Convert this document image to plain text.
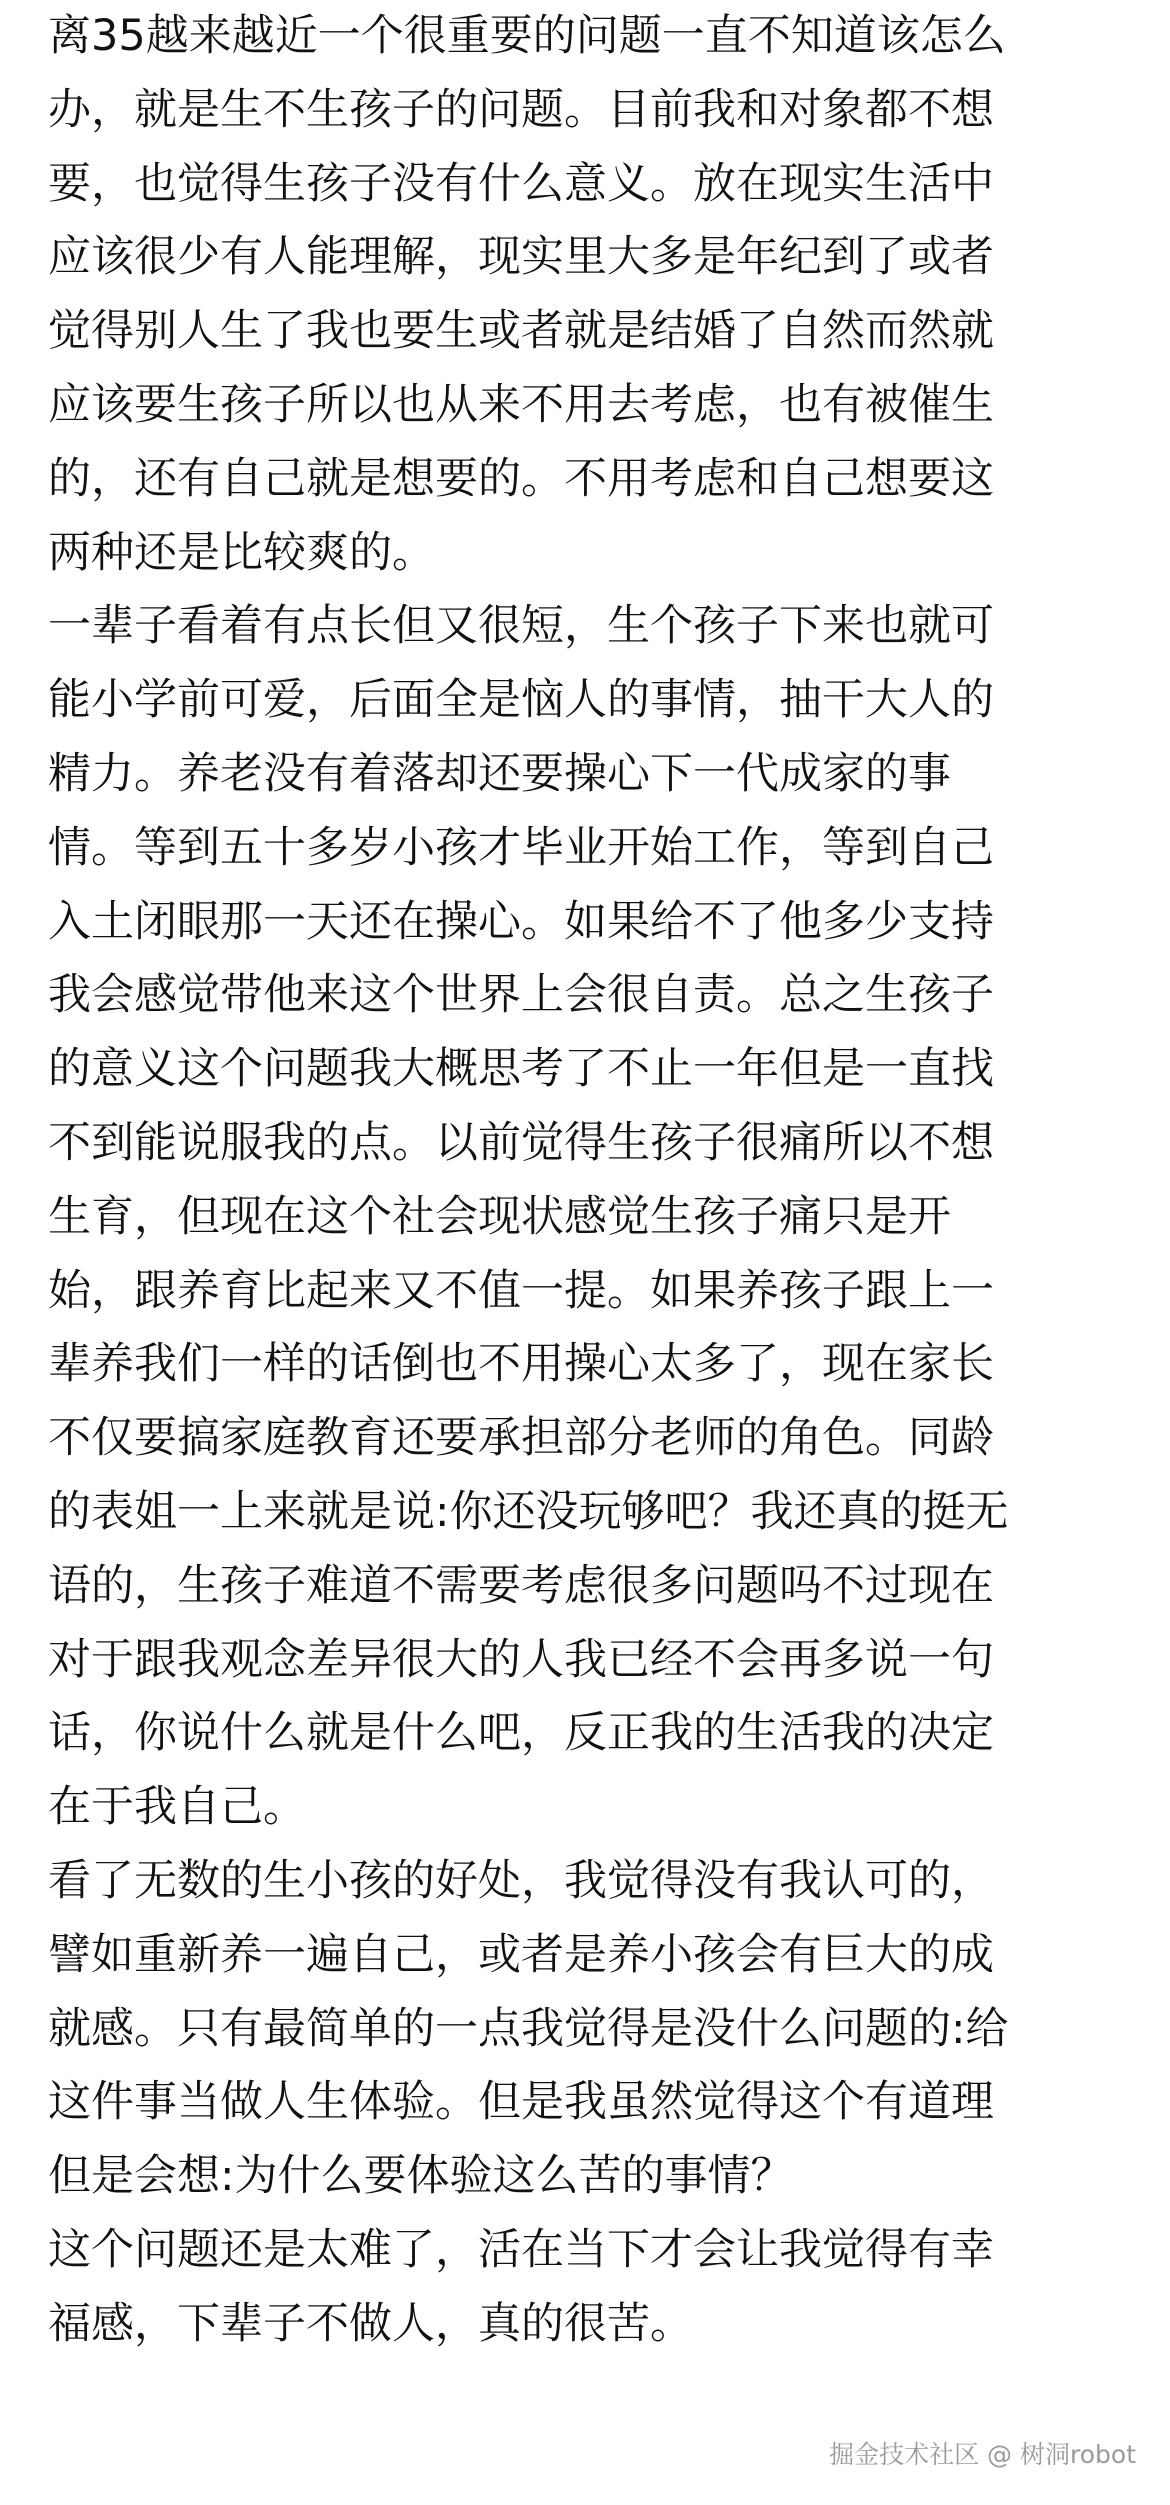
离35越来越近一个很重要的问题一直不知道该怎么
办，就是生不生孩子的问题。目前我和对象都不想
要，也觉得生孩子没有什么意义。放在现实生活中
应该很少有人能理解，现实里大多是年纪到了或者
觉得别人生了我也要生或者就是结婚了自然而然就
应该要生孩子所以也从来不用去考虑，也有被催生
的，还有自己就是想要的。不用考虑和自己想要这
两种还是比较爽的。
一辈子看着有点长但又很短，生个孩子下来也就可
能小学前可爱，后面全是恼人的事情，抽干大人的
精力。养老没有着落却还要操心下一代成家的事
情。等到五十多岁小孩才毕业开始工作，等到自己
入土闭眼那一天还在操心。如果给不了他多少支持
我会感觉带他来这个世界上会很自责。总之生孩子
的意义这个问题我大概思考了不止一年但是一直找
不到能说服我的点。以前觉得生孩子很痛所以不想
生育，但现在这个社会现状感觉生孩子痛只是开
始，跟养育比起来又不值一提。如果养孩子跟上一
辈养我们一样的话倒也不用操心太多了，现在家长
不仅要搞家庭教育还要承担部分老师的角色。同龄
的表姐一上来就是说:你还没玩够吧？我还真的挺无
语的，生孩子难道不需要考虑很多问题吗不过现在
对于跟我观念差异很大的人我已经不会再多说一句
话，你说什么就是什么吧，反正我的生活我的决定
在于我自己。
看了无数的生小孩的好处，我觉得没有我认可的，
譬如重新养一遍自己，或者是养小孩会有巨大的成
就感。只有最简单的一点我觉得是没什么问题的:给
这件事当做人生体验。但是我虽然觉得这个有道理
但是会想:为什么要体验这么苦的事情？
这个问题还是太难了，活在当下才会让我觉得有幸
福感，下辈子不做人，真的很苦。
掘金技术社区 @ 树洞robot
